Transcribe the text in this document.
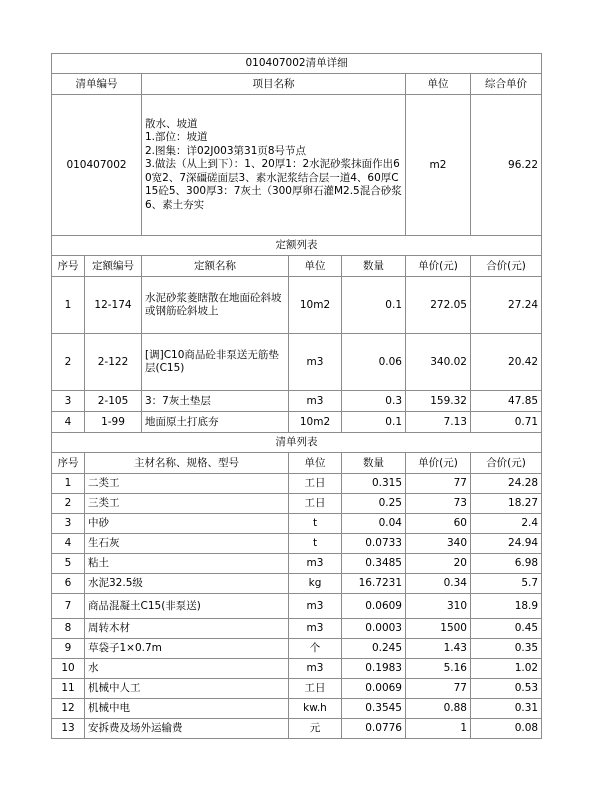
010407002清单详细						
清单编号		项目名称			单位	综合单价
010407002		散水、坡道
1.部位：坡道
2.图集：详02J003第31页8号节点
3.做法（从上到下）：1、20厚1：2水泥砂浆抹面作出60宽2、7深礓磋面层3、素水泥浆结合层一道4、60厚C15砼5、300厚3：7灰土（300厚卵石灌M2.5混合砂浆6、素土夯实			m2	96.22
定额列表						
序号	定额编号	定额名称	单位	数量	单价(元)	合价(元)
1	12-174	水泥砂浆菱瞎散在地面砼斜坡或钢筋砼斜坡上	10m2	0.1	272.05	27.24
2	2-122	[调]C10商品砼非泵送无筋垫层(C15)	m3	0.06	340.02	20.42
3	2-105	3：7灰土垫层	m3	0.3	159.32	47.85
4	1-99	地面原土打底夯	10m2	0.1	7.13	0.71
清单列表						
序号	主材名称、规格、型号		单位	数量	单价(元)	合价(元)
1	二类工		工日	0.315	77	24.28
2	三类工		工日	0.25	73	18.27
3	中砂		t	0.04	60	2.4
4	生石灰		t	0.0733	340	24.94
5	粘土		m3	0.3485	20	6.98
6	水泥32.5级		kg	16.7231	0.34	5.7
7	商品混凝土C15(非泵送)		m3	0.0609	310	18.9
8	周转木材		m3	0.0003	1500	0.45
9	草袋子1×0.7m		个	0.245	1.43	0.35
10	水		m3	0.1983	5.16	1.02
11	机械中人工		工日	0.0069	77	0.53
12	机械中电		kw.h	0.3545	0.88	0.31
13	安拆费及场外运输费		元	0.0776	1	0.08
